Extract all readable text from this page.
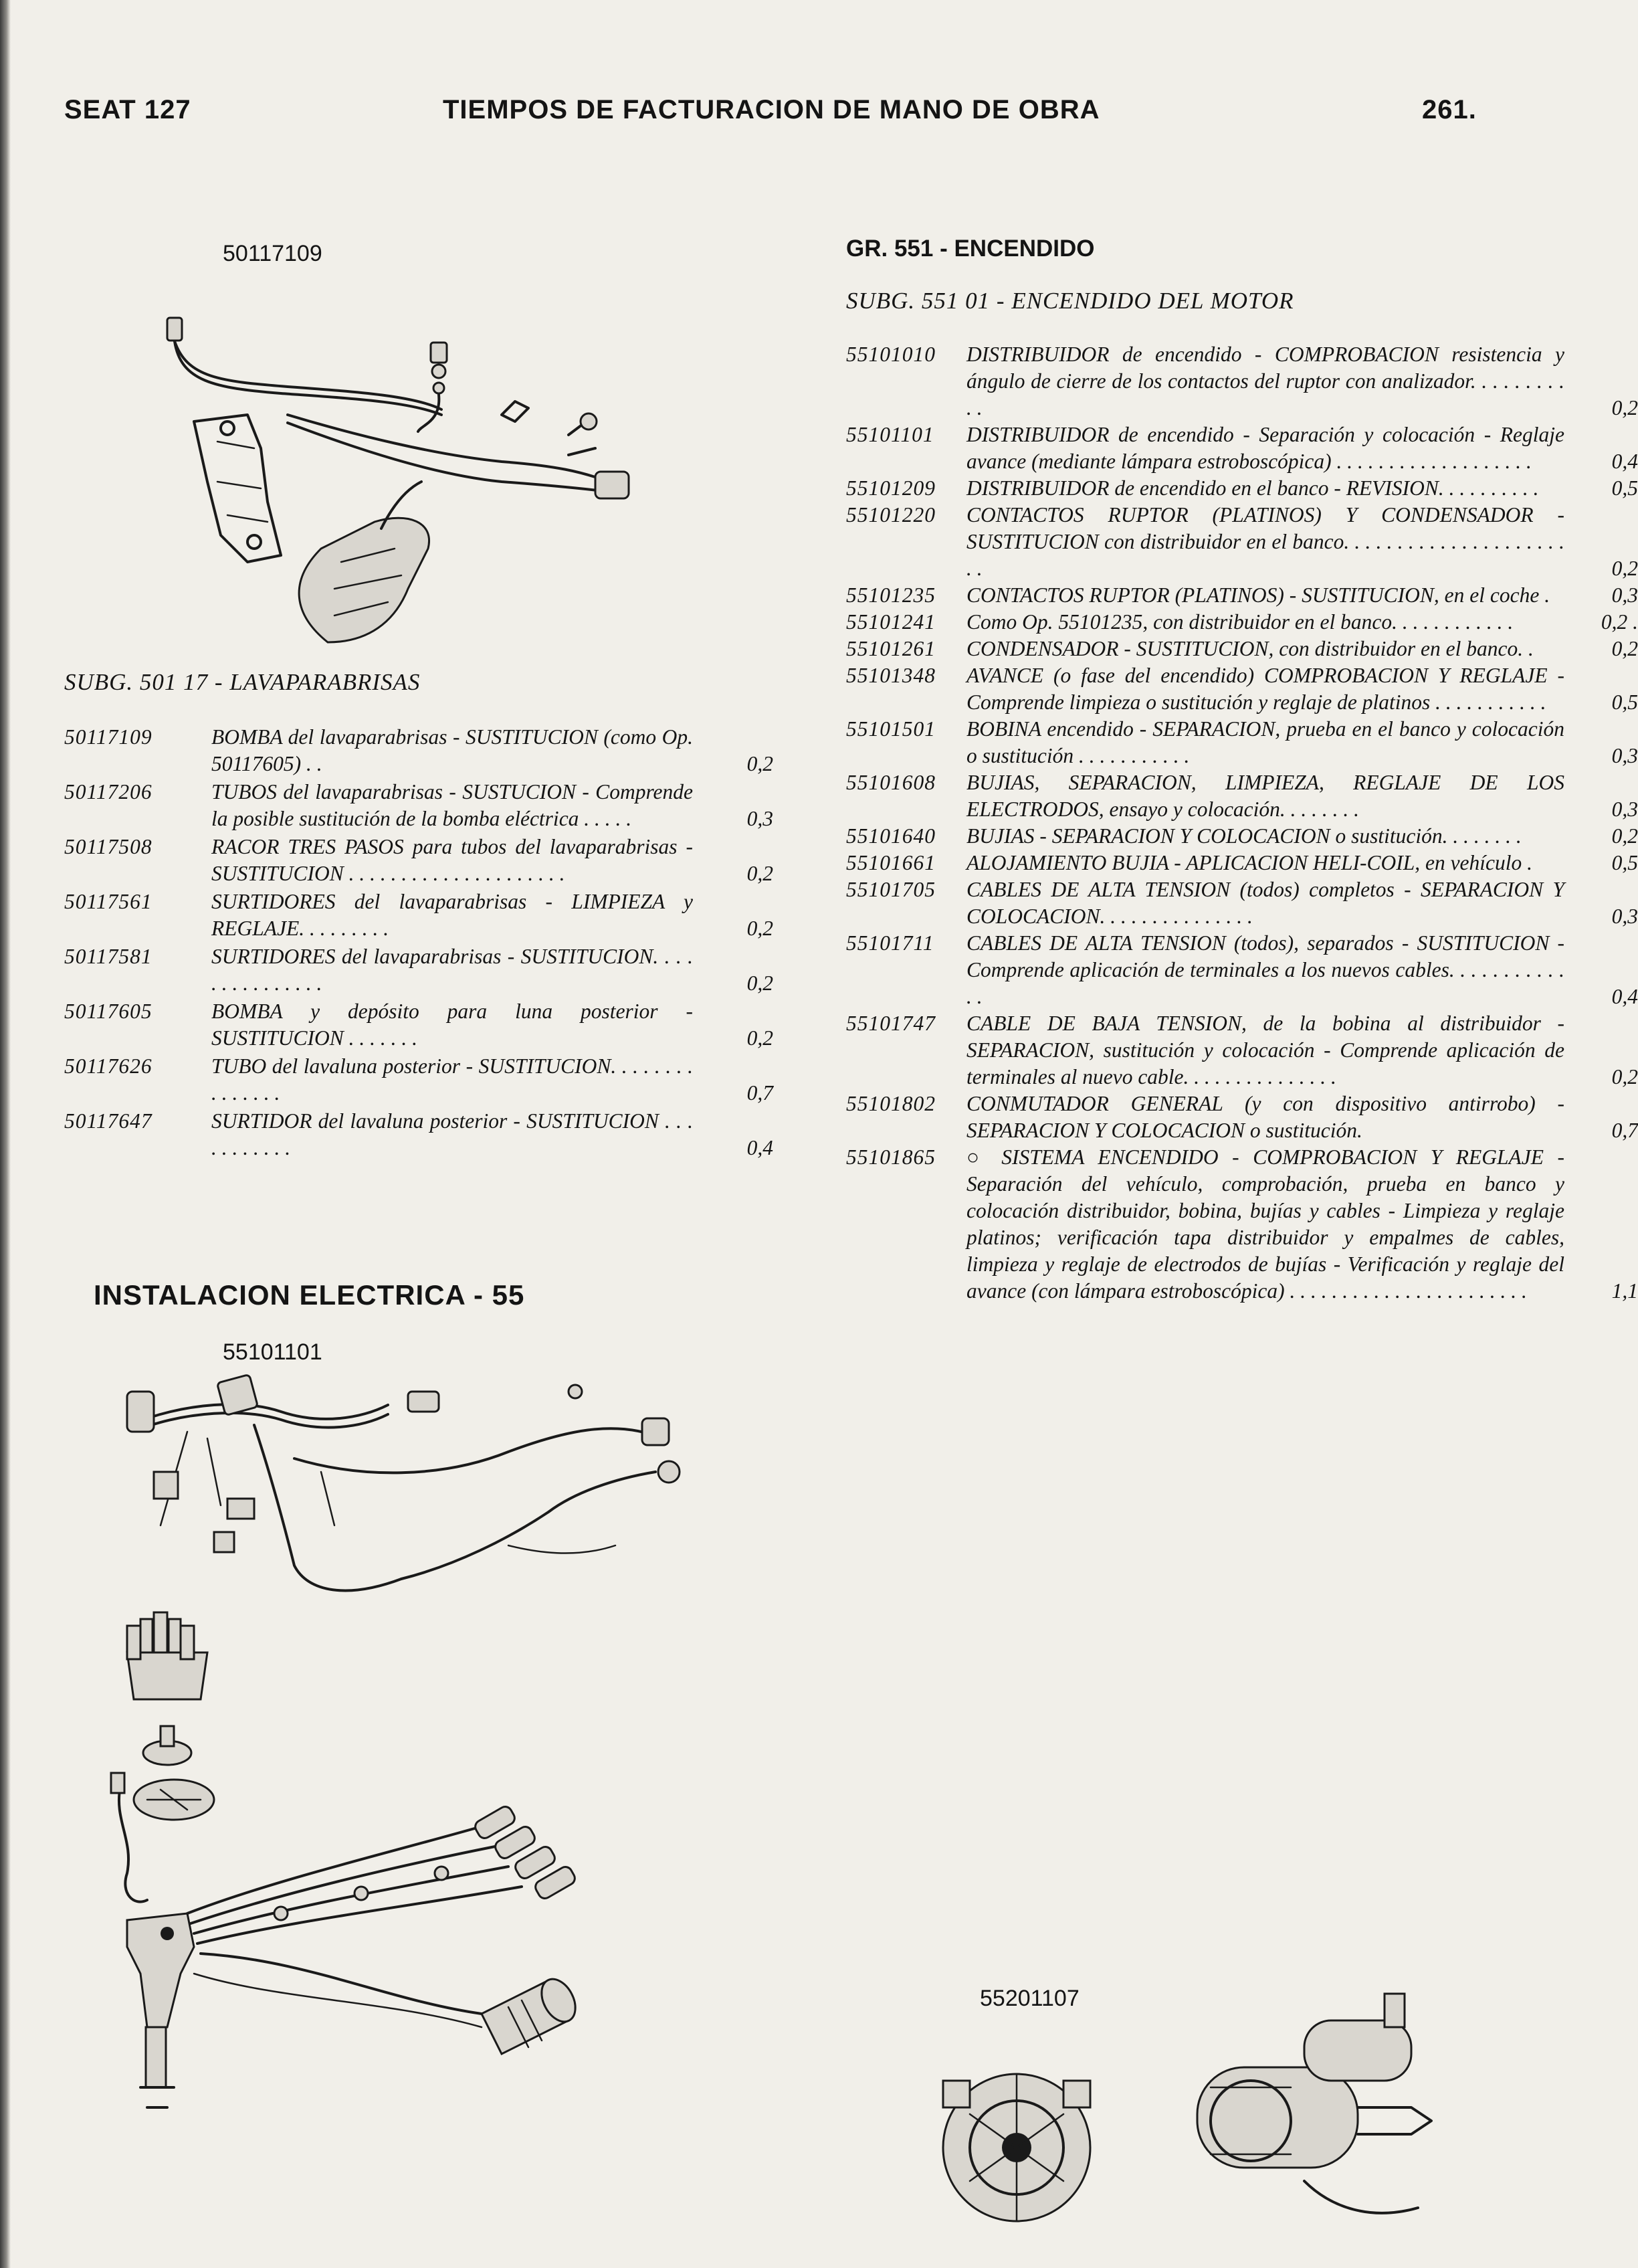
SEAT 127	TIEMPOS DE FACTURACION DE MANO DE OBRA	261.
50117109
SUBG. 501 17 - LAVAPARABRISAS
50117109	BOMBA del lavaparabrisas - SUSTITUCION (como Op. 50117605) . .	0,2
50117206	TUBOS del lavaparabrisas - SUSTUCION - Comprende la posible sustitución de la bomba eléctrica . . . . .	0,3
50117508	RACOR TRES PASOS para tubos del lavaparabrisas - SUSTITUCION . . . . . . . . . . . . . . . . . . . . .	0,2
50117561	SURTIDORES del lavaparabrisas - LIMPIEZA y REGLAJE. . . . . . . . .	0,2
50117581	SURTIDORES del lavaparabrisas - SUSTITUCION. . . . . . . . . . . . . . .	0,2
50117605	BOMBA y depósito para luna posterior - SUSTITUCION . . . . . . .	0,2
50117626	TUBO del lavaluna posterior - SUSTITUCION. . . . . . . . . . . . . . .	0,7
50117647	SURTIDOR del lavaluna posterior - SUSTITUCION . . . . . . . . . . .	0,4
INSTALACION ELECTRICA - 55
55101101
GR. 551 - ENCENDIDO
SUBG. 551 01 - ENCENDIDO DEL MOTOR
55101010	DISTRIBUIDOR de encendido - COMPROBACION resistencia y ángulo de cierre de los contactos del ruptor con analizador. . . . . . . . . . .	0,2
55101101	DISTRIBUIDOR de encendido - Separación y colocación - Reglaje avance (mediante lámpara estroboscópica) . . . . . . . . . . . . . . . . . . .	0,4
55101209	DISTRIBUIDOR de encendido en el banco - REVISION. . . . . . . . . .	0,5
55101220	CONTACTOS RUPTOR (PLATINOS) Y CONDENSADOR - SUSTITUCION con distribuidor en el banco. . . . . . . . . . . . . . . . . . . . . . .	0,2
55101235	CONTACTOS RUPTOR (PLATINOS) - SUSTITUCION, en el coche .	0,3
55101241	Como Op. 55101235, con distribuidor en el banco. . . . . . . . . . . .	0,2 .
55101261	CONDENSADOR - SUSTITUCION, con distribuidor en el banco. .	0,2
55101348	AVANCE (o fase del encendido) COMPROBACION Y REGLAJE - Comprende limpieza o sustitución y reglaje de platinos . . . . . . . . . . .	0,5
55101501	BOBINA encendido - SEPARACION, prueba en el banco y colocación o sustitución . . . . . . . . . . .	0,3
55101608	BUJIAS, SEPARACION, LIMPIEZA, REGLAJE DE LOS ELECTRODOS, ensayo y colocación. . . . . . . .	0,3
55101640	BUJIAS - SEPARACION Y COLOCACION o sustitución. . . . . . . .	0,2
55101661	ALOJAMIENTO BUJIA - APLICACION HELI-COIL, en vehículo .	0,5
55101705	CABLES DE ALTA TENSION (todos) completos - SEPARACION Y COLOCACION. . . . . . . . . . . . . . .	0,3
55101711	CABLES DE ALTA TENSION (todos), separados - SUSTITUCION - Comprende aplicación de terminales a los nuevos cables. . . . . . . . . . . . .	0,4
55101747	CABLE DE BAJA TENSION, de la bobina al distribuidor - SEPARACION, sustitución y colocación - Comprende aplicación de terminales al nuevo cable. . . . . . . . . . . . . . .	0,2
55101802	CONMUTADOR GENERAL (y con dispositivo antirrobo) - SEPARACION Y COLOCACION o sustitución.	0,7
55101865	○ SISTEMA ENCENDIDO - COMPROBACION Y REGLAJE - Separación del vehículo, comprobación, prueba en banco y colocación distribuidor, bobina, bujías y cables - Limpieza y reglaje platinos; verificación tapa distribuidor y empalmes de cables, limpieza y reglaje de electrodos de bujías - Verificación y reglaje del avance (con lámpara estroboscópica) . . . . . . . . . . . . . . . . . . . . . . .	1,1
55201107
